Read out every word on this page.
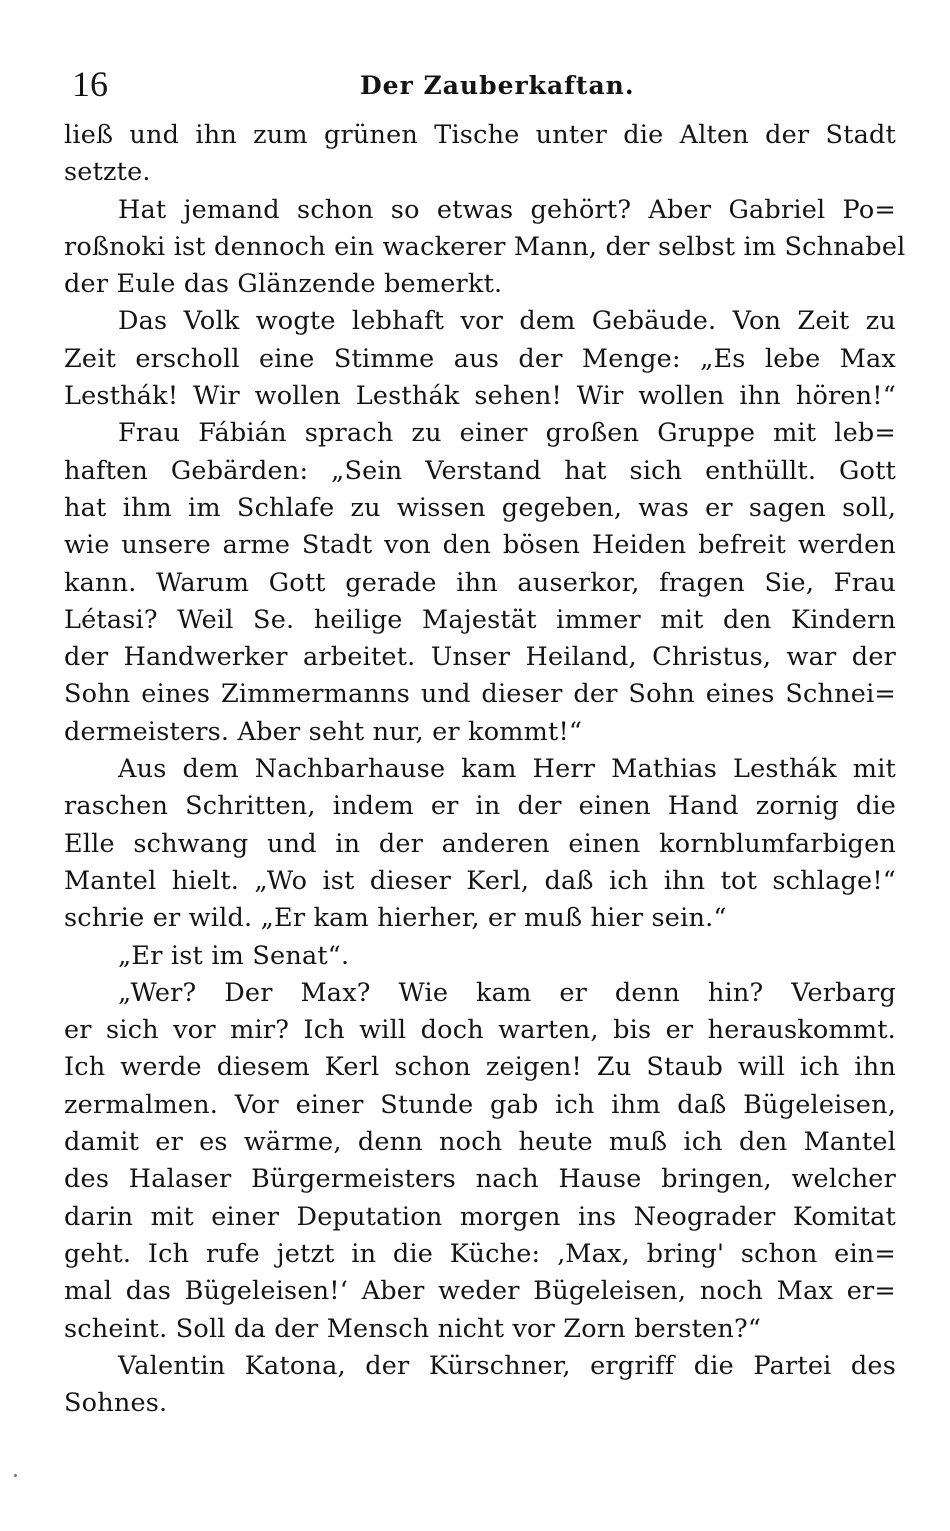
16	Der Zauberkaftan.
ließ und ihn zum grünen Tische unter die Alten der Stadt
setzte.
Hat jemand schon so etwas gehört? Aber Gabriel Po=
roßnoki ist dennoch ein wackerer Mann, der selbst im Schnabel
der Eule das Glänzende bemerkt.
Das Volk wogte lebhaft vor dem Gebäude. Von Zeit zu
Zeit erscholl eine Stimme aus der Menge: „Es lebe Max
Lesthák! Wir wollen Lesthák sehen! Wir wollen ihn hören!“
Frau Fábián sprach zu einer großen Gruppe mit leb=
haften Gebärden: „Sein Verstand hat sich enthüllt. Gott
hat ihm im Schlafe zu wissen gegeben, was er sagen soll,
wie unsere arme Stadt von den bösen Heiden befreit werden
kann. Warum Gott gerade ihn auserkor, fragen Sie, Frau
Létasi? Weil Se. heilige Majestät immer mit den Kindern
der Handwerker arbeitet. Unser Heiland, Christus, war der
Sohn eines Zimmermanns und dieser der Sohn eines Schnei=
dermeisters. Aber seht nur, er kommt!“
Aus dem Nachbarhause kam Herr Mathias Lesthák mit
raschen Schritten, indem er in der einen Hand zornig die
Elle schwang und in der anderen einen kornblumfarbigen
Mantel hielt. „Wo ist dieser Kerl, daß ich ihn tot schlage!“
schrie er wild. „Er kam hierher, er muß hier sein.“
„Er ist im Senat“.
„Wer? Der Max? Wie kam er denn hin? Verbarg
er sich vor mir? Ich will doch warten, bis er herauskommt.
Ich werde diesem Kerl schon zeigen! Zu Staub will ich ihn
zermalmen. Vor einer Stunde gab ich ihm daß Bügeleisen,
damit er es wärme, denn noch heute muß ich den Mantel
des Halaser Bürgermeisters nach Hause bringen, welcher
darin mit einer Deputation morgen ins Neograder Komitat
geht. Ich rufe jetzt in die Küche: ‚Max, bring' schon ein=
mal das Bügeleisen!‘ Aber weder Bügeleisen, noch Max er=
scheint. Soll da der Mensch nicht vor Zorn bersten?“
Valentin Katona, der Kürschner, ergriff die Partei des
Sohnes.
